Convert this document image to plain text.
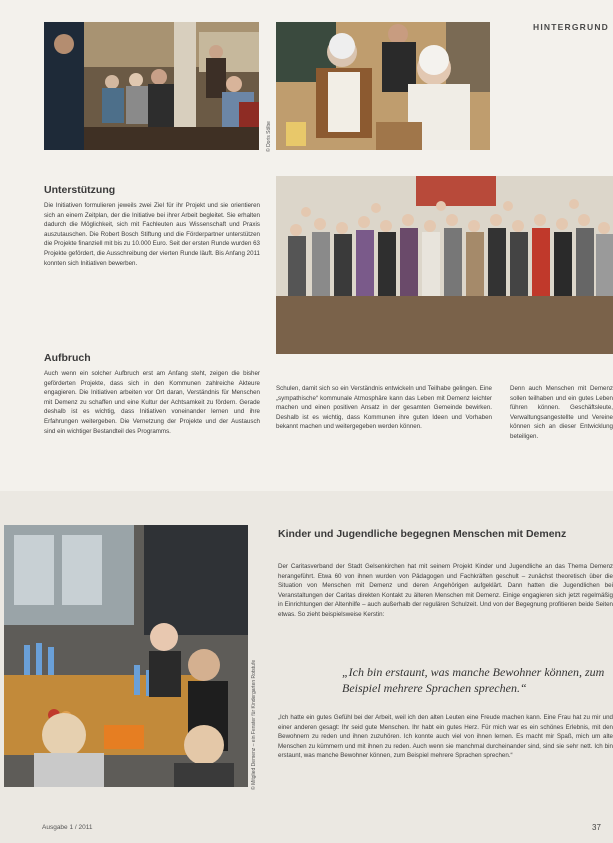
HINTERGRUND
© Doris Sölbe
Unterstützung
Die Initiativen formulieren jeweils zwei Ziel für ihr Projekt und sie orientieren sich an einem Zeitplan, der die Initiative bei ihrer Arbeit begleitet. Sie erhalten dadurch die Möglichkeit, sich mit Fachleuten aus Wissenschaft und Praxis auszutauschen. Die Robert Bosch Stiftung und die Förderpartner unterstützen die Projekte finanziell mit bis zu 10.000 Euro. Seit der ersten Runde wurden 63 Projekte gefördert, die Ausschreibung der vierten Runde läuft. Bis Anfang 2011 konnten sich Initiativen bewerben.
Aufbruch
Auch wenn ein solcher Aufbruch erst am Anfang steht, zeigen die bisher geförderten Projekte, dass sich in den Kommunen zahlreiche Akteure engagieren. Die Initiativen arbeiten vor Ort daran, Verständnis für Menschen mit Demenz zu schaffen und eine Kultur der Achtsamkeit zu fördern. Gerade deshalb ist es wichtig, dass Initiativen voneinander lernen und ihre Erfahrungen weitergeben. Die Vernetzung der Projekte und der Austausch sind ein wichtiger Bestandteil des Programms.
Schulen, damit sich so ein Verständnis entwickeln und Teilhabe gelingen. Eine „sympathische“ kommunale Atmosphäre kann das Leben mit Demenz leichter machen und einen positiven Ansatz in der gesamten Gemeinde bewirken. Deshalb ist es wichtig, dass Kommunen ihre guten Ideen und Vorhaben bekannt machen und weitergegeben werden können.
Denn auch Menschen mit Demenz sollen teilhaben und ein gutes Leben führen können. Geschäftsleute, Verwaltungsangestellte und Vereine können sich an dieser Entwicklung beteiligen.
© Mitglied Demenz – ein Fenster für Kindergarten Rotstufe
Kinder und Jugendliche begegnen Menschen mit Demenz
Der Caritasverband der Stadt Gelsenkirchen hat mit seinem Projekt Kinder und Jugendliche an das Thema Demenz herangeführt. Etwa 60 von ihnen wurden von Pädagogen und Fachkräften geschult – zunächst theoretisch über die Situation von Menschen mit Demenz und deren Angehörigen aufgeklärt. Dann hatten die Jugendlichen bei Veranstaltungen der Caritas direkten Kontakt zu älteren Menschen mit Demenz. Einige engagieren sich jetzt regelmäßig in Einrichtungen der Altenhilfe – auch außerhalb der regulären Schulzeit. Und von der Begegnung profitieren beide Seiten etwas. So zieht beispielsweise Kerstin:
„Ich bin erstaunt, was manche Bewohner können, zum Beispiel mehrere Sprachen sprechen.“
„Ich hatte ein gutes Gefühl bei der Arbeit, weil ich den alten Leuten eine Freude machen kann. Eine Frau hat zu mir und einer anderen gesagt: Ihr seid gute Menschen. Ihr habt ein gutes Herz. Für mich war es ein schönes Erlebnis, mit den Bewohnern zu reden und ihnen zuzuhören. Ich konnte auch viel von ihnen lernen. Es macht mir Spaß, mich um alte Menschen zu kümmern und mit ihnen zu reden. Auch wenn sie manchmal durcheinander sind, sind sie sehr nett. Ich bin erstaunt, was manche Bewohner können, zum Beispiel mehrere Sprachen sprechen.“
Ausgabe 1 / 2011	37
